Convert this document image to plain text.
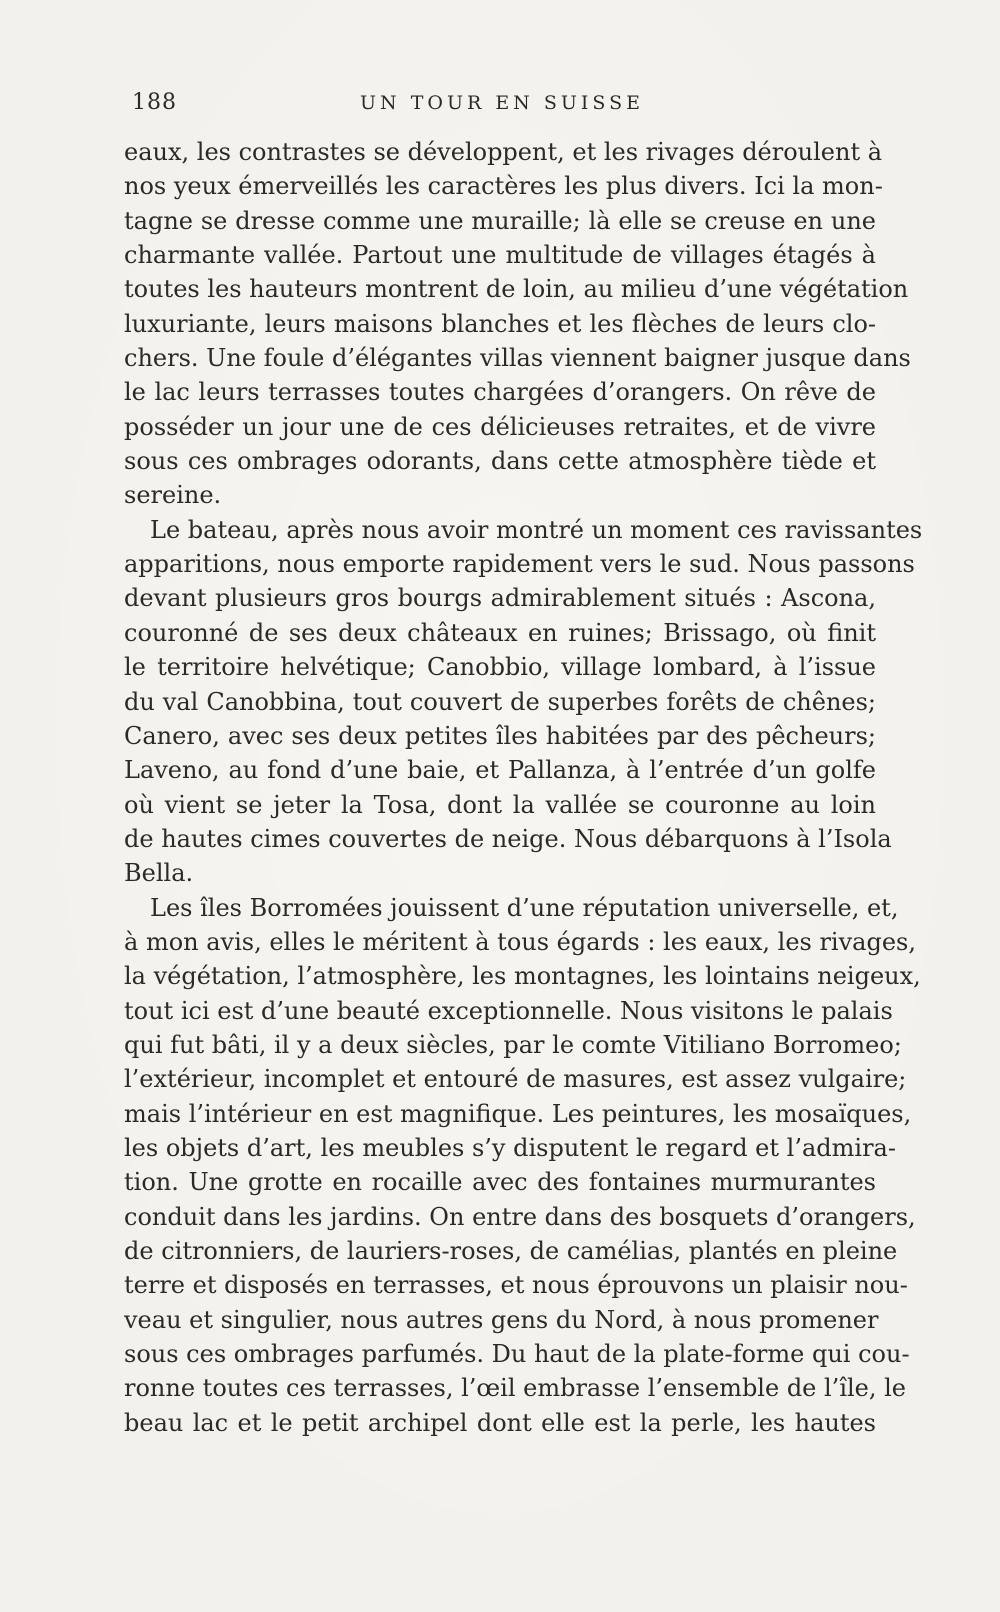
188	UN TOUR EN SUISSE
eaux, les contrastes se développent, et les rivages déroulent à
nos yeux émerveillés les caractères les plus divers. Ici la mon-
tagne se dresse comme une muraille; là elle se creuse en une
charmante vallée. Partout une multitude de villages étagés à
toutes les hauteurs montrent de loin, au milieu d’une végétation
luxuriante, leurs maisons blanches et les flèches de leurs clo-
chers. Une foule d’élégantes villas viennent baigner jusque dans
le lac leurs terrasses toutes chargées d’orangers. On rêve de
posséder un jour une de ces délicieuses retraites, et de vivre
sous ces ombrages odorants, dans cette atmosphère tiède et
sereine.
Le bateau, après nous avoir montré un moment ces ravissantes
apparitions, nous emporte rapidement vers le sud. Nous passons
devant plusieurs gros bourgs admirablement situés : Ascona,
couronné de ses deux châteaux en ruines; Brissago, où finit
le territoire helvétique; Canobbio, village lombard, à l’issue
du val Canobbina, tout couvert de superbes forêts de chênes;
Canero, avec ses deux petites îles habitées par des pêcheurs;
Laveno, au fond d’une baie, et Pallanza, à l’entrée d’un golfe
où vient se jeter la Tosa, dont la vallée se couronne au loin
de hautes cimes couvertes de neige. Nous débarquons à l’Isola
Bella.
Les îles Borromées jouissent d’une réputation universelle, et,
à mon avis, elles le méritent à tous égards : les eaux, les rivages,
la végétation, l’atmosphère, les montagnes, les lointains neigeux,
tout ici est d’une beauté exceptionnelle. Nous visitons le palais
qui fut bâti, il y a deux siècles, par le comte Vitiliano Borromeo;
l’extérieur, incomplet et entouré de masures, est assez vulgaire;
mais l’intérieur en est magnifique. Les peintures, les mosaïques,
les objets d’art, les meubles s’y disputent le regard et l’admira-
tion. Une grotte en rocaille avec des fontaines murmurantes
conduit dans les jardins. On entre dans des bosquets d’orangers,
de citronniers, de lauriers-roses, de camélias, plantés en pleine
terre et disposés en terrasses, et nous éprouvons un plaisir nou-
veau et singulier, nous autres gens du Nord, à nous promener
sous ces ombrages parfumés. Du haut de la plate-forme qui cou-
ronne toutes ces terrasses, l’œil embrasse l’ensemble de l’île, le
beau lac et le petit archipel dont elle est la perle, les hautes
